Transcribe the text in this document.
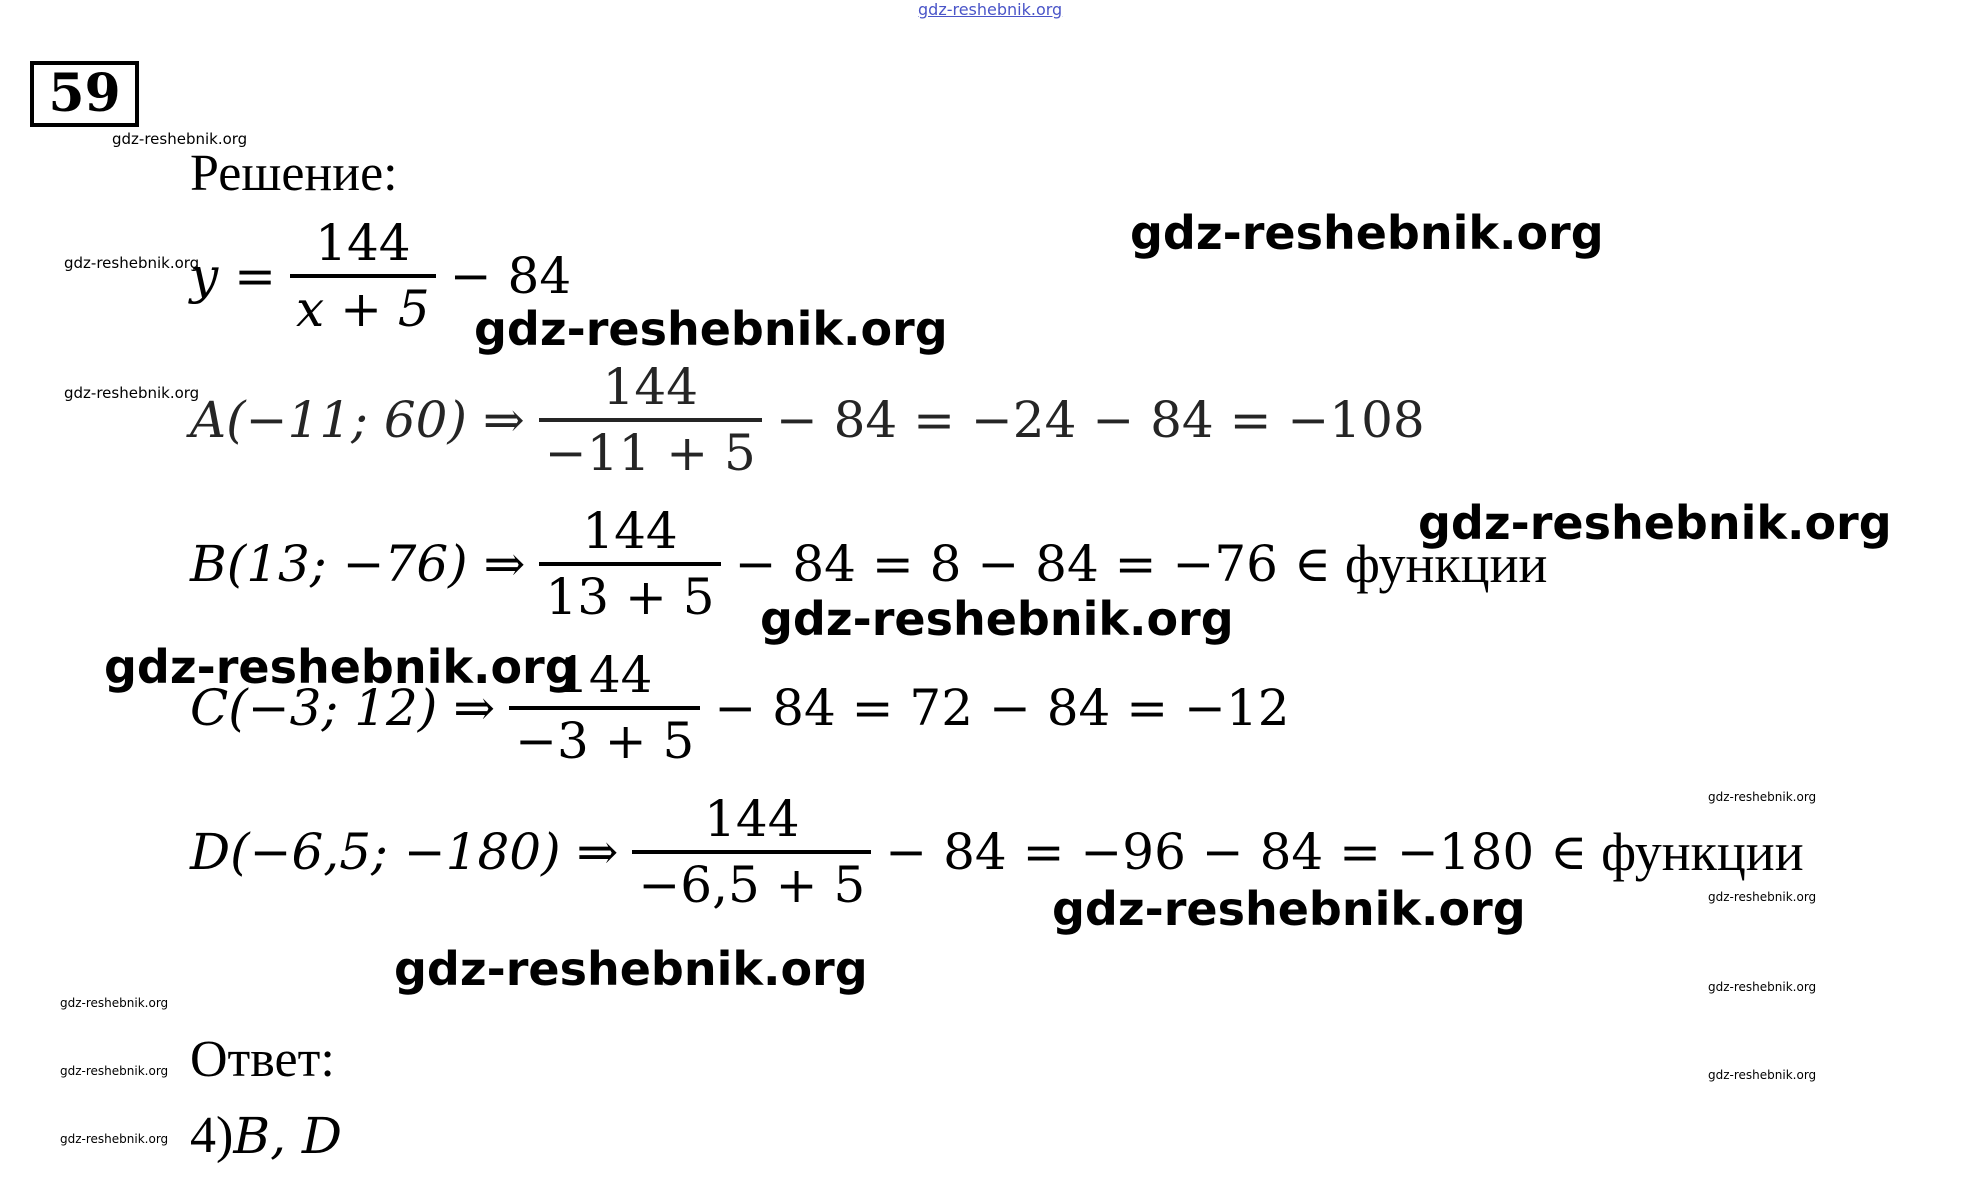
gdz-reshebnik.org
59
Решение:
$y = \frac{144}{x + 5} - 84$
A(−11; 60) ⇒ $\frac{144}{-11 + 5} - 84 = -24 - 84 = -108$
B(13; −76) ⇒ $\frac{144}{13 + 5} - 84 = 8 - 84 = -76$ ∈ функции
C(−3; 12) ⇒ $\frac{144}{-3 + 5} - 84 = 72 - 84 = -12$
D(−6,5; −180) ⇒ $\frac{144}{-6,5 + 5} - 84 = -96 - 84 = -180$ ∈ функции
Ответ:
4) B, D
gdz-reshebnik.org
gdz-reshebnik.org
gdz-reshebnik.org
gdz-reshebnik.org
gdz-reshebnik.org
gdz-reshebnik.org
gdz-reshebnik.org
gdz-reshebnik.org
gdz-reshebnik.org
gdz-reshebnik.org
gdz-reshebnik.org
gdz-reshebnik.org
gdz-reshebnik.org
gdz-reshebnik.org
gdz-reshebnik.org
gdz-reshebnik.org
gdz-reshebnik.org
